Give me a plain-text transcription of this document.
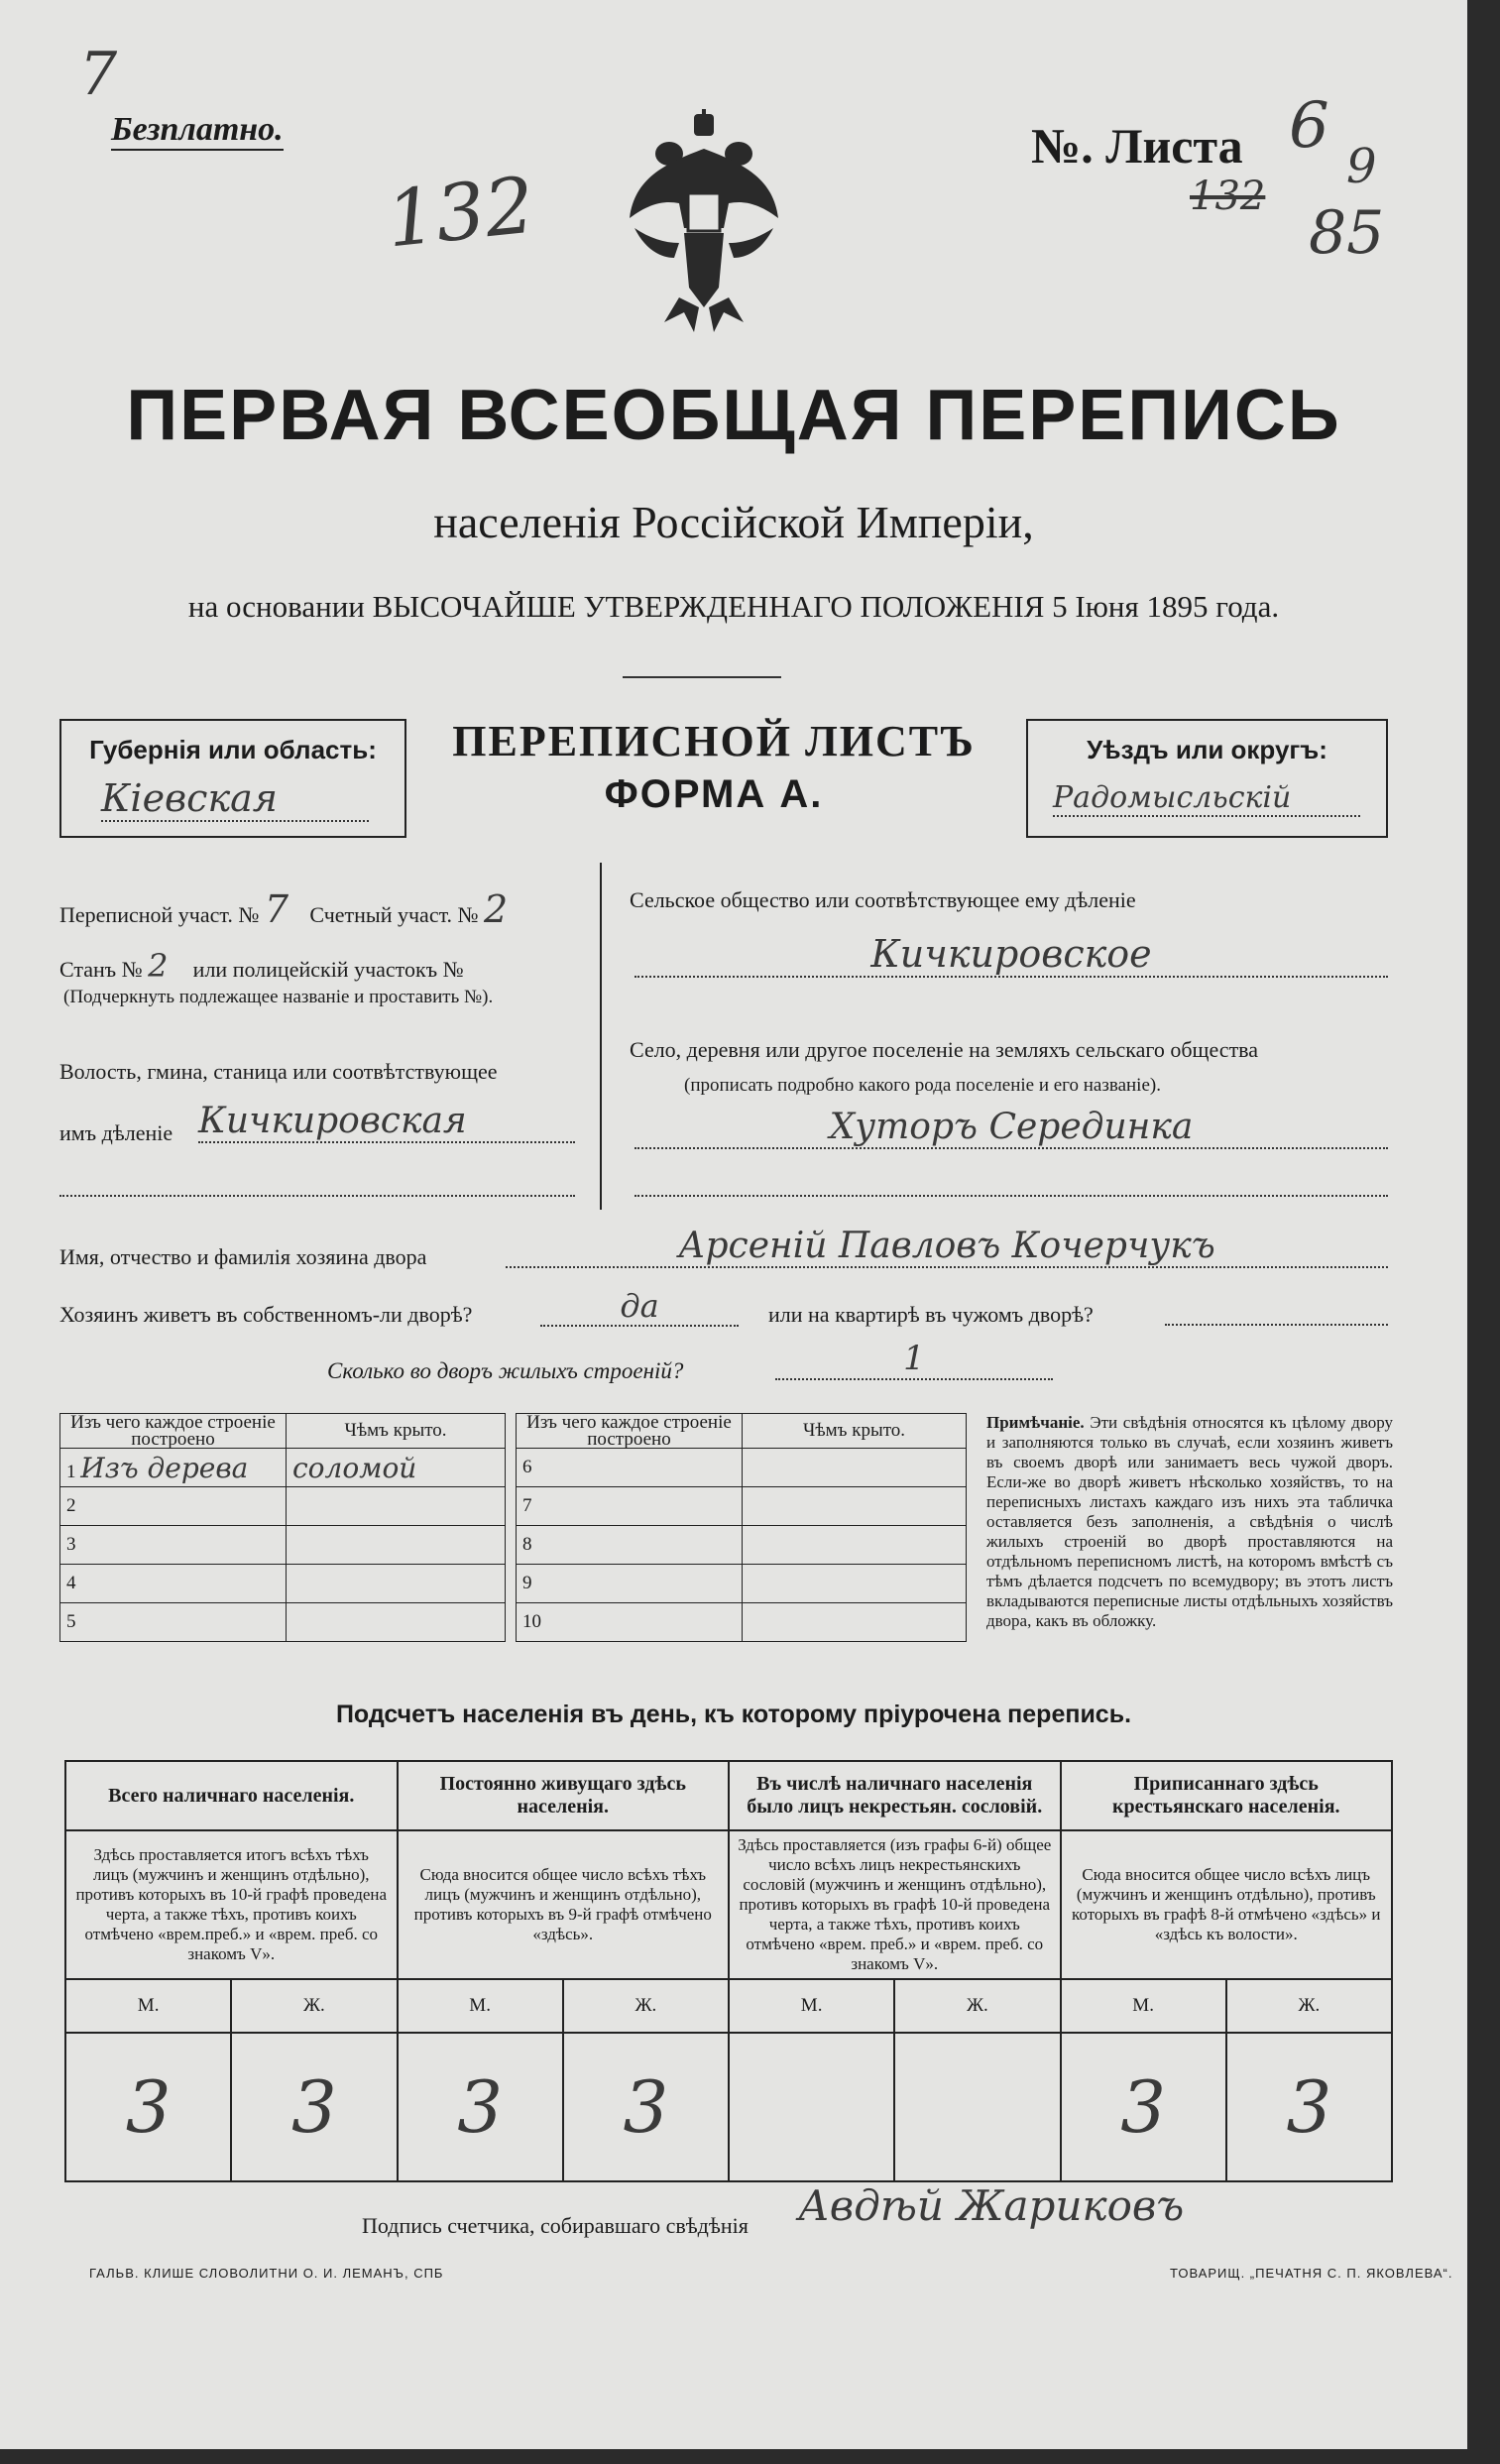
7
Безплатно.
132
№. Листа 6
132
9
85
ПЕРВАЯ ВСЕОБЩАЯ ПЕРЕПИСЬ
населенія Россійской Имперіи,
на основании ВЫСОЧАЙШЕ УТВЕРЖДЕННАГО ПОЛОЖЕНІЯ 5 Іюня 1895 года.
Губернія или область:
Кіевская
ПЕРЕПИСНОЙ ЛИСТЪ
ФОРМА А.
Уѣздъ или округъ:
Радомысльскій
Переписной участ. № 7 Счетный участ. № 2
Станъ № 2 или полицейскій участокъ №
(Подчеркнуть подлежащее названіе и проставить №).
Волость, гмина, станица или соотвѣтствующее
имъ дѣленіе Кичкировская
Сельское общество или соотвѣтствующее ему дѣленіе
Кичкировское
Село, деревня или другое поселеніе на земляхъ сельскаго общества
(прописать подробно какого рода поселеніе и его названіе).
Хуторъ Серединка
Имя, отчество и фамилія хозяина двора	Арсеній Павловъ Кочерчукъ
Хозяинъ живетъ въ собственномъ-ли дворѣ?	да	или на квартирѣ въ чужомъ дворѣ?
Сколько во дворъ жилыхъ строеній?	1
Изъ чего каждое строеніе построено	Чѣмъ крыто.
1 Изъ дерева	соломой
2	
3	
4	
5	
Изъ чего каждое строеніе построено	Чѣмъ крыто.
6	
7	
8	
9	
10	
Примѣчаніе. Эти свѣдѣнія относятся къ цѣлому двору и заполняются только въ случаѣ, если хозяинъ живетъ въ своемъ дворѣ или занимаетъ весь чужой дворъ. Если-же во дворѣ живетъ нѣсколько хозяйствъ, то на переписныхъ листахъ каждаго изъ нихъ эта табличка оставляется безъ заполненія, а свѣдѣнія о числѣ жилыхъ строеній во дворѣ проставляются на отдѣльномъ переписномъ листѣ, на которомъ вмѣстѣ съ тѣмъ дѣлается подсчетъ по всемудвору; въ этотъ листъ вкладываются переписные листы отдѣльныхъ хозяйствъ двора, какъ въ обложку.
Подсчетъ населенія въ день, къ которому пріурочена перепись.
Всего наличнаго населенія.		Постоянно живущаго здѣсь населенія.		Въ числѣ наличнаго населенія было лицъ некрестьян. сословій.		Приписаннаго здѣсь крестьянскаго населенія.	
Здѣсь проставляется итогъ всѣхъ тѣхъ лицъ (мужчинъ и женщинъ отдѣльно), противъ которыхъ въ 10-й графѣ проведена черта, а также тѣхъ, противъ коихъ отмѣчено «врем.преб.» и «врем. преб. со знакомъ V».		Сюда вносится общее число всѣхъ тѣхъ лицъ (мужчинъ и женщинъ отдѣльно), противъ которыхъ въ 9-й графѣ отмѣчено «здѣсь».		Здѣсь проставляется (изъ графы 6-й) общее число всѣхъ лицъ некрестьянскихъ сословій (мужчинъ и женщинъ отдѣльно), противъ которыхъ въ графѣ 10-й проведена черта, а также тѣхъ, противъ коихъ отмѣчено «врем. преб.» и «врем. преб. со знакомъ V».		Сюда вносится общее число всѣхъ лицъ (мужчинъ и женщинъ отдѣльно), противъ которыхъ въ графѣ 8-й отмѣчено «здѣсь» и «здѣсь къ волости».	
М.	Ж.	М.	Ж.	М.	Ж.	М.	Ж.
3	3	3	3			3	3
Подпись счетчика, собиравшаго свѣдѣнія Авдѣй Жариковъ
ГАЛЬВ. КЛИШЕ СЛОВОЛИТНИ О. И. ЛЕМАНЪ, СПБ	ТОВАРИЩ. „ПЕЧАТНЯ С. П. ЯКОВЛЕВА“.
